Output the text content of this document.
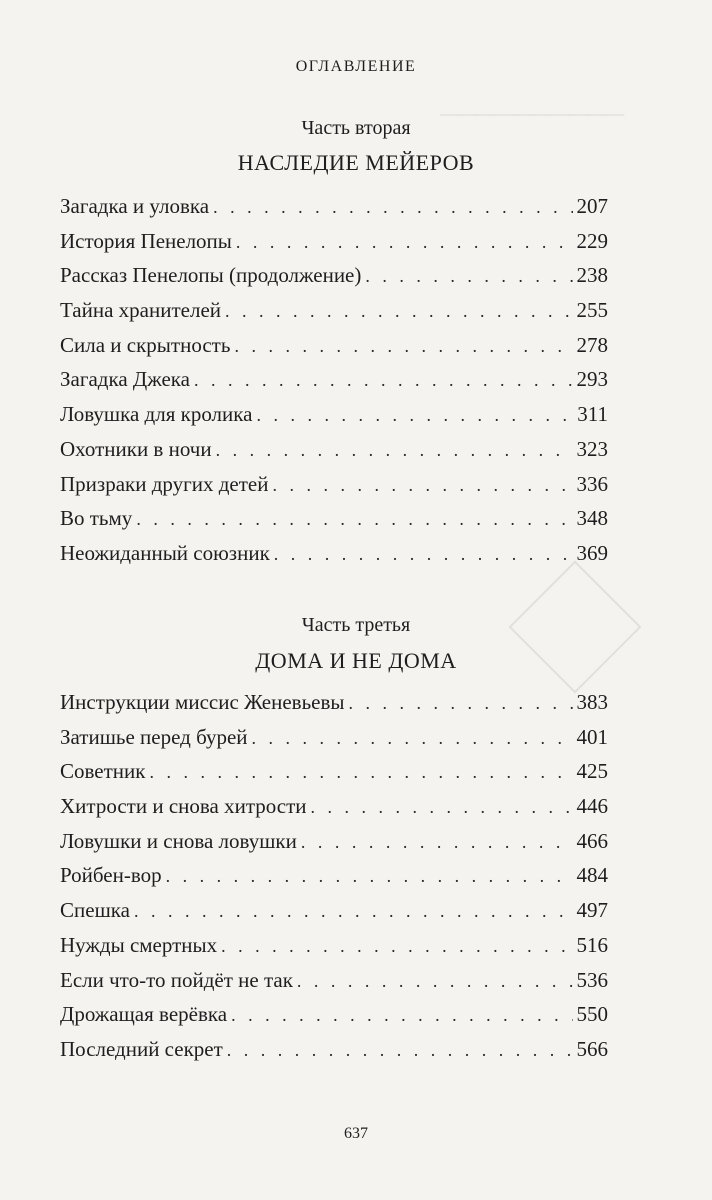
──────────
ОГЛАВЛЕНИЕ
Часть вторая
НАСЛЕДИЕ МЕЙЕРОВ
Загадка и уловка . . .	207
История Пенелопы . . .	229
Рассказ Пенелопы (продолжение) . . .	238
Тайна хранителей . . .	255
Сила и скрытность . . .	278
Загадка Джека . . .	293
Ловушка для кролика . . .	311
Охотники в ночи . . .	323
Призраки других детей . . .	336
Во тьму . . .	348
Неожиданный союзник . . .	369
Часть третья
ДОМА И НЕ ДОМА
Инструкции миссис Женевьевы . . .	383
Затишье перед бурей . . .	401
Советник . . .	425
Хитрости и снова хитрости . . .	446
Ловушки и снова ловушки . . .	466
Ройбен-вор . . .	484
Спешка . . .	497
Нужды смертных . . .	516
Если что-то пойдёт не так . . .	536
Дрожащая верёвка . . .	550
Последний секрет . . .	566
637
